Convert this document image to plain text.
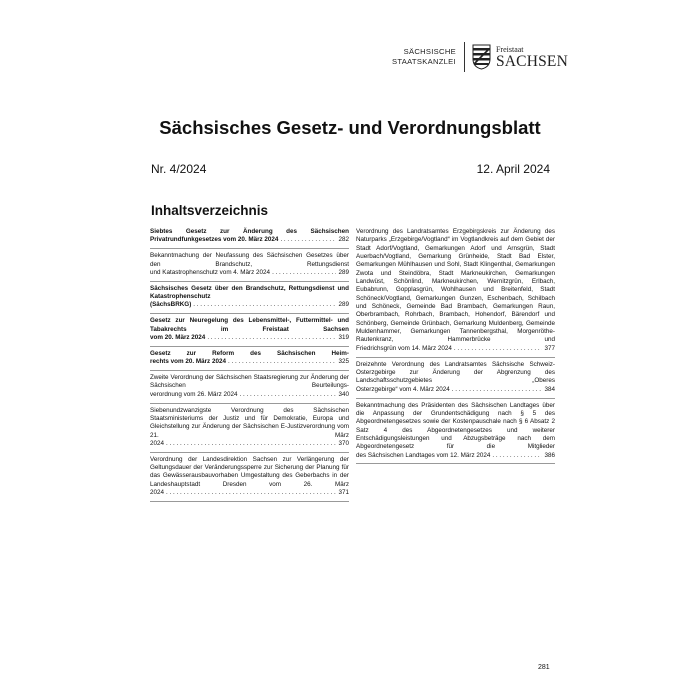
SÄCHSISCHE
STAATSKANZLEI
Freistaat
SACHSEN
Sächsisches Gesetz- und Verordnungsblatt
Nr. 4/2024	12. April 2024
Inhaltsverzeichnis
Siebtes Gesetz zur Änderung des Sächsischen
Privatrundfunkgesetzes vom 20. März 2024 . . .	282
Bekanntmachung der Neufassung des Sächsischen Gesetzes über den Brandschutz, Rettungsdienst
und Katastrophenschutz vom 4. März 2024 . . .	289
Sächsisches Gesetz über den Brandschutz, Rettungsdienst und Katastrophenschutz
(SächsBRKG) . . .	289
Gesetz zur Neuregelung des Lebensmittel-, Futtermittel- und Tabakrechts im Freistaat Sachsen
vom 20. März 2024 . . .	319
Gesetz zur Reform des Sächsischen Heim-
rechts vom 20. März 2024 . . .	325
Zweite Verordnung der Sächsischen Staatsregierung zur Änderung der Sächsischen Beurteilungs-
verordnung vom 26. März 2024 . . .	340
Siebenundzwanzigste Verordnung des Sächsischen Staatsministeriums der Justiz und für Demokratie, Europa und Gleichstellung zur Änderung der Sächsischen E-Justizverordnung vom 21. März
2024 . . .	370
Verordnung der Landesdirektion Sachsen zur Verlängerung der Geltungsdauer der Veränderungssperre zur Sicherung der Planung für das Gewässerausbauvorhaben Umgestaltung des Geberbachs in der Landeshauptstadt Dresden vom 26. März
2024 . . .	371
Verordnung des Landratsamtes Erzgebirgskreis zur Änderung des Naturparks „Erzgebirge/Vogtland“ im Vogtlandkreis auf dem Gebiet der Stadt Adorf/Vogtland, Gemarkungen Adorf und Arnsgrün, Stadt Auerbach/Vogtland, Gemarkung Grünheide, Stadt Bad Elster, Gemarkungen Mühlhausen und Sohl, Stadt Klingenthal, Gemarkungen Zwota und Steindöbra, Stadt Markneukirchen, Gemarkungen Landwüst, Schönlind, Markneukirchen, Wernitzgrün, Erlbach, Eubabrunn, Gopplasgrün, Wohlhausen und Breitenfeld, Stadt Schöneck/Vogtland, Gemarkungen Gunzen, Eschenbach, Schilbach und Schöneck, Gemeinde Bad Brambach, Gemarkungen Raun, Oberbrambach, Rohrbach, Brambach, Hohendorf, Bärendorf und Schönberg, Gemeinde Grünbach, Gemarkung Muldenberg, Gemeinde Muldenhammer, Gemarkungen Tannenbergsthal, Morgenröthe-Rautenkranz, Hammerbrücke und
Friedrichsgrün vom 14. März 2024 . . .	377
Dreizehnte Verordnung des Landratsamtes Sächsische Schweiz-Osterzgebirge zur Änderung der Abgrenzung des Landschaftsschutzgebietes „Oberes
Osterzgebirge“ vom 4. März 2024 . . .	384
Bekanntmachung des Präsidenten des Sächsischen Landtages über die Anpassung der Grundentschädigung nach § 5 des Abgeordnetengesetzes sowie der Kostenpauschale nach § 6 Absatz 2 Satz 4 des Abgeordnetengesetzes und weiterer Entschädigungsleistungen und Abzugsbeträge nach dem Abgeordnetengesetz für die Mitglieder
des Sächsischen Landtages vom 12. März 2024 . . .	386
281
